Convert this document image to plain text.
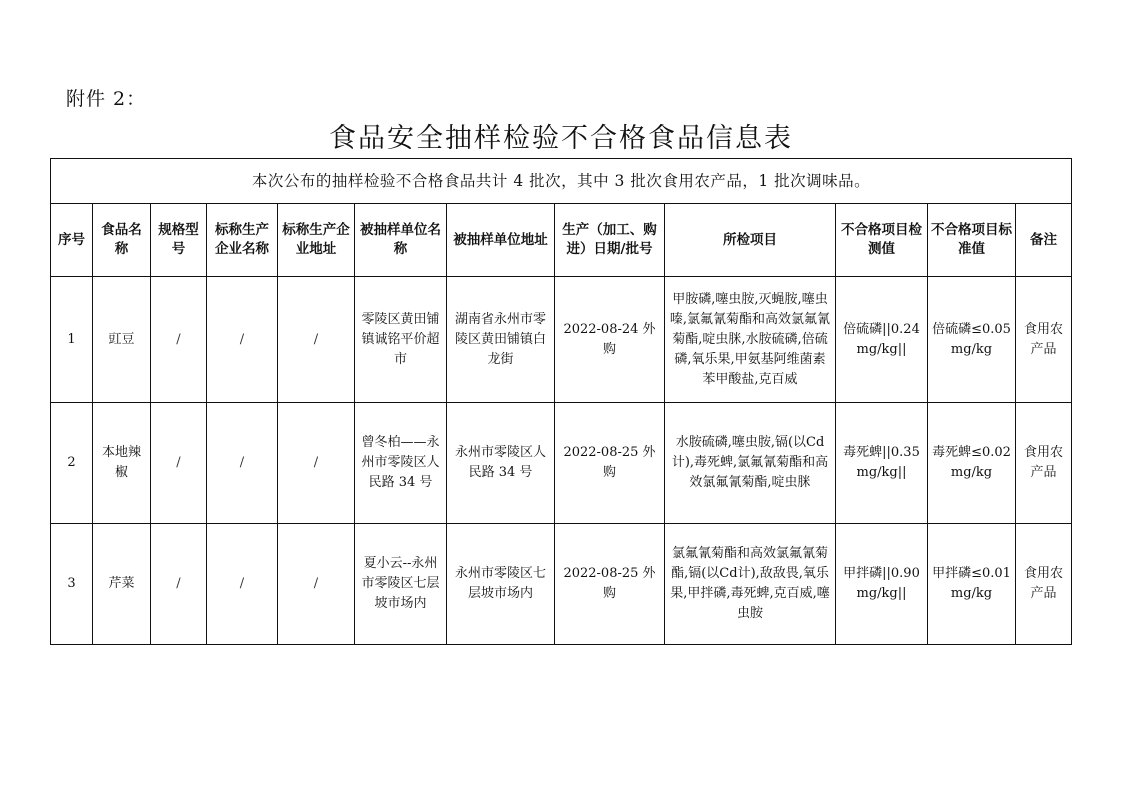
附件 2：
食品安全抽样检验不合格食品信息表
本次公布的抽样检验不合格食品共计 4 批次，其中 3 批次食用农产品，1 批次调味品。											
序号	食品名称	规格型号	标称生产企业名称	标称生产企业地址	被抽样单位名称	被抽样单位地址	生产（加工、购进）日期/批号	所检项目	不合格项目检测值	不合格项目标准值	备注
1	豇豆	/	/	/	零陵区黄田铺镇诚铭平价超市	湖南省永州市零陵区黄田铺镇白龙街	2022-08-24 外购	甲胺磷,噻虫胺,灭蝇胺,噻虫嗪,氯氟氰菊酯和高效氯氟氰菊酯,啶虫脒,水胺硫磷,倍硫磷,氧乐果,甲氨基阿维菌素苯甲酸盐,克百威	倍硫磷||0.24 mg/kg||	倍硫磷≤0.05 mg/kg	食用农产品
2	本地辣椒	/	/	/	曾冬柏——永州市零陵区人民路 34 号	永州市零陵区人民路 34 号	2022-08-25 外购	水胺硫磷,噻虫胺,镉(以Cd计),毒死蜱,氯氟氰菊酯和高效氯氟氰菊酯,啶虫脒	毒死蜱||0.35 mg/kg||	毒死蜱≤0.02 mg/kg	食用农产品
3	芹菜	/	/	/	夏小云--永州市零陵区七层坡市场内	永州市零陵区七层坡市场内	2022-08-25 外购	氯氟氰菊酯和高效氯氟氰菊酯,镉(以Cd计),敌敌畏,氧乐果,甲拌磷,毒死蜱,克百威,噻虫胺	甲拌磷||0.90 mg/kg||	甲拌磷≤0.01 mg/kg	食用农产品
